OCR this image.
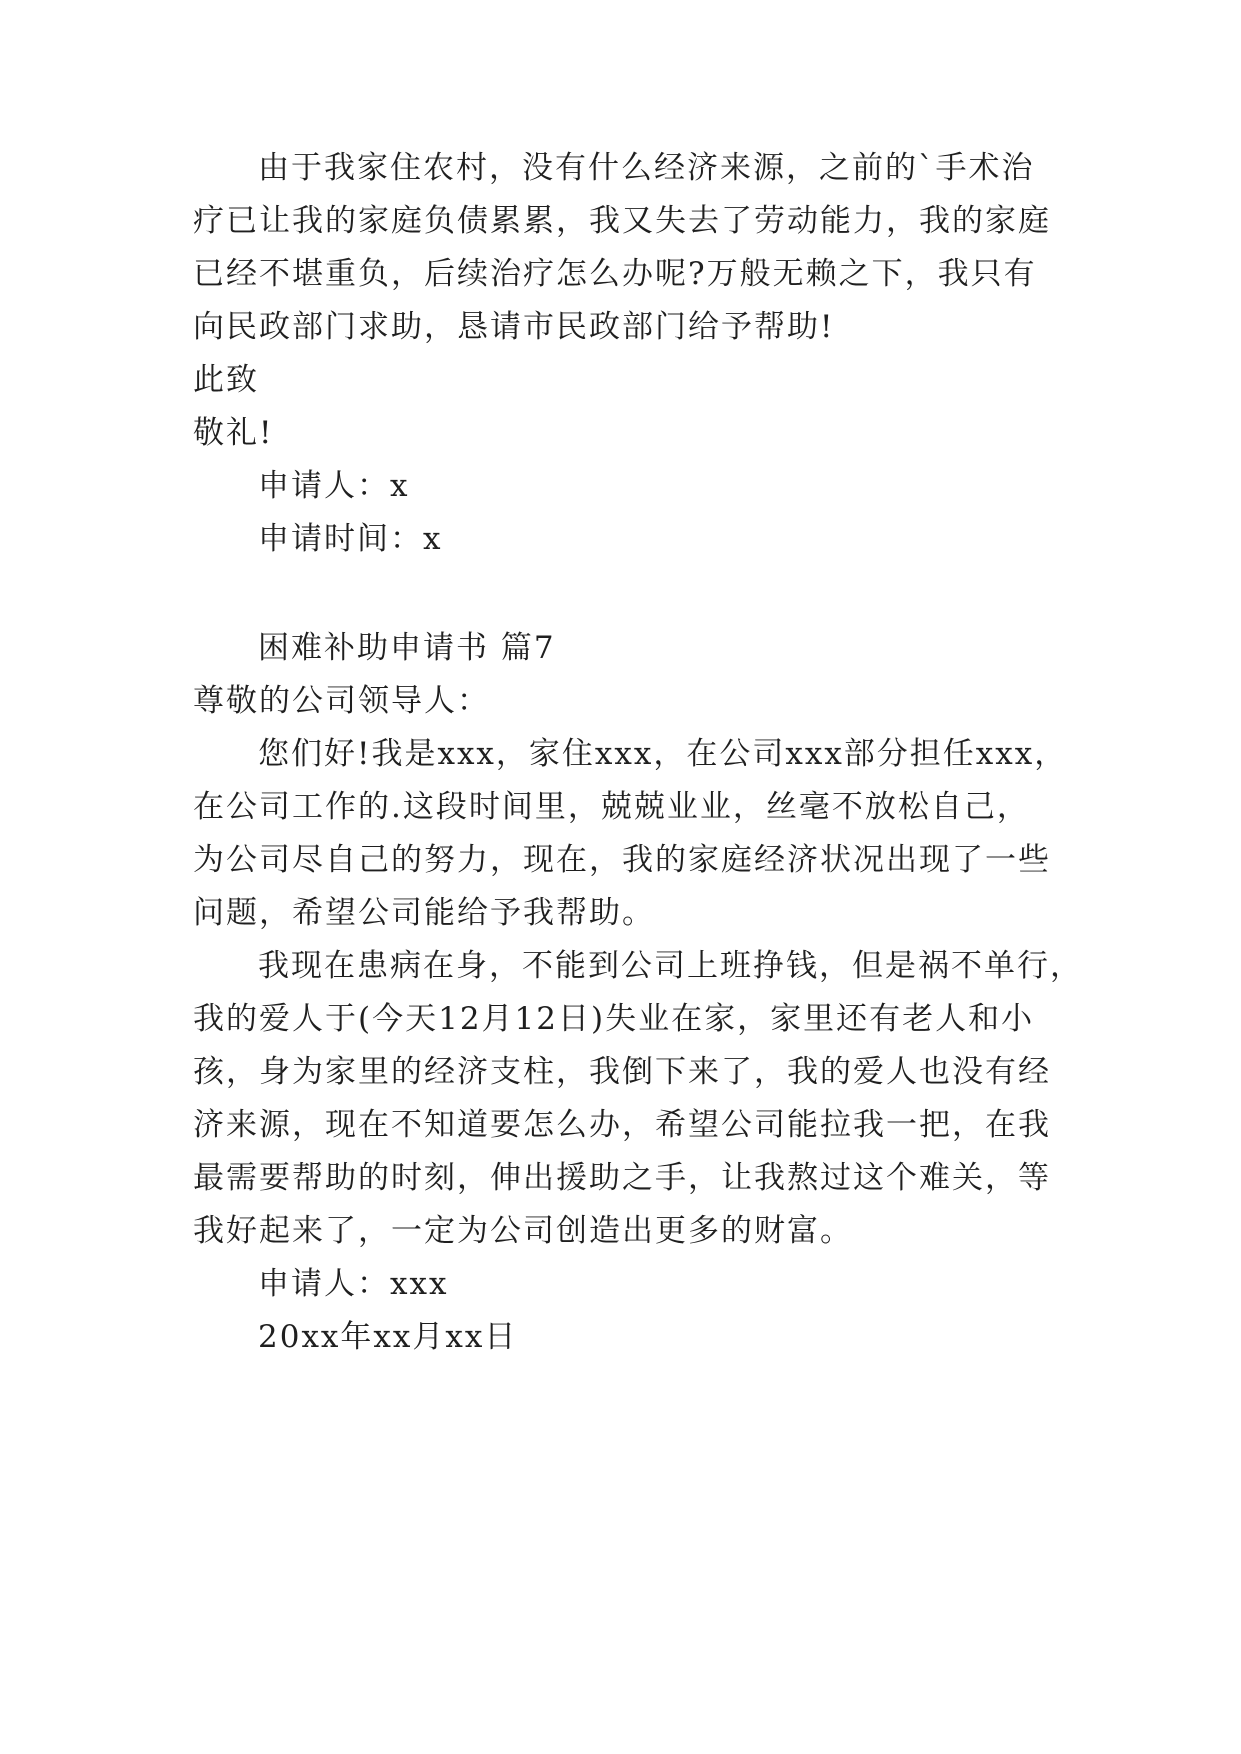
由于我家住农村，没有什么经济来源，之前的`手术治
疗已让我的家庭负债累累，我又失去了劳动能力，我的家庭
已经不堪重负，后续治疗怎么办呢?万般无赖之下，我只有
向民政部门求助，恳请市民政部门给予帮助!
此致
敬礼!
申请人：x
申请时间：x
困难补助申请书 篇7
尊敬的公司领导人：
您们好!我是xxx，家住xxx，在公司xxx部分担任xxx，
在公司工作的.这段时间里，兢兢业业，丝毫不放松自己，
为公司尽自己的努力，现在，我的家庭经济状况出现了一些
问题，希望公司能给予我帮助。
我现在患病在身，不能到公司上班挣钱，但是祸不单行，
我的爱人于(今天12月12日)失业在家，家里还有老人和小
孩，身为家里的经济支柱，我倒下来了，我的爱人也没有经
济来源，现在不知道要怎么办，希望公司能拉我一把，在我
最需要帮助的时刻，伸出援助之手，让我熬过这个难关，等
我好起来了，一定为公司创造出更多的财富。
申请人：xxx
20xx年xx月xx日
